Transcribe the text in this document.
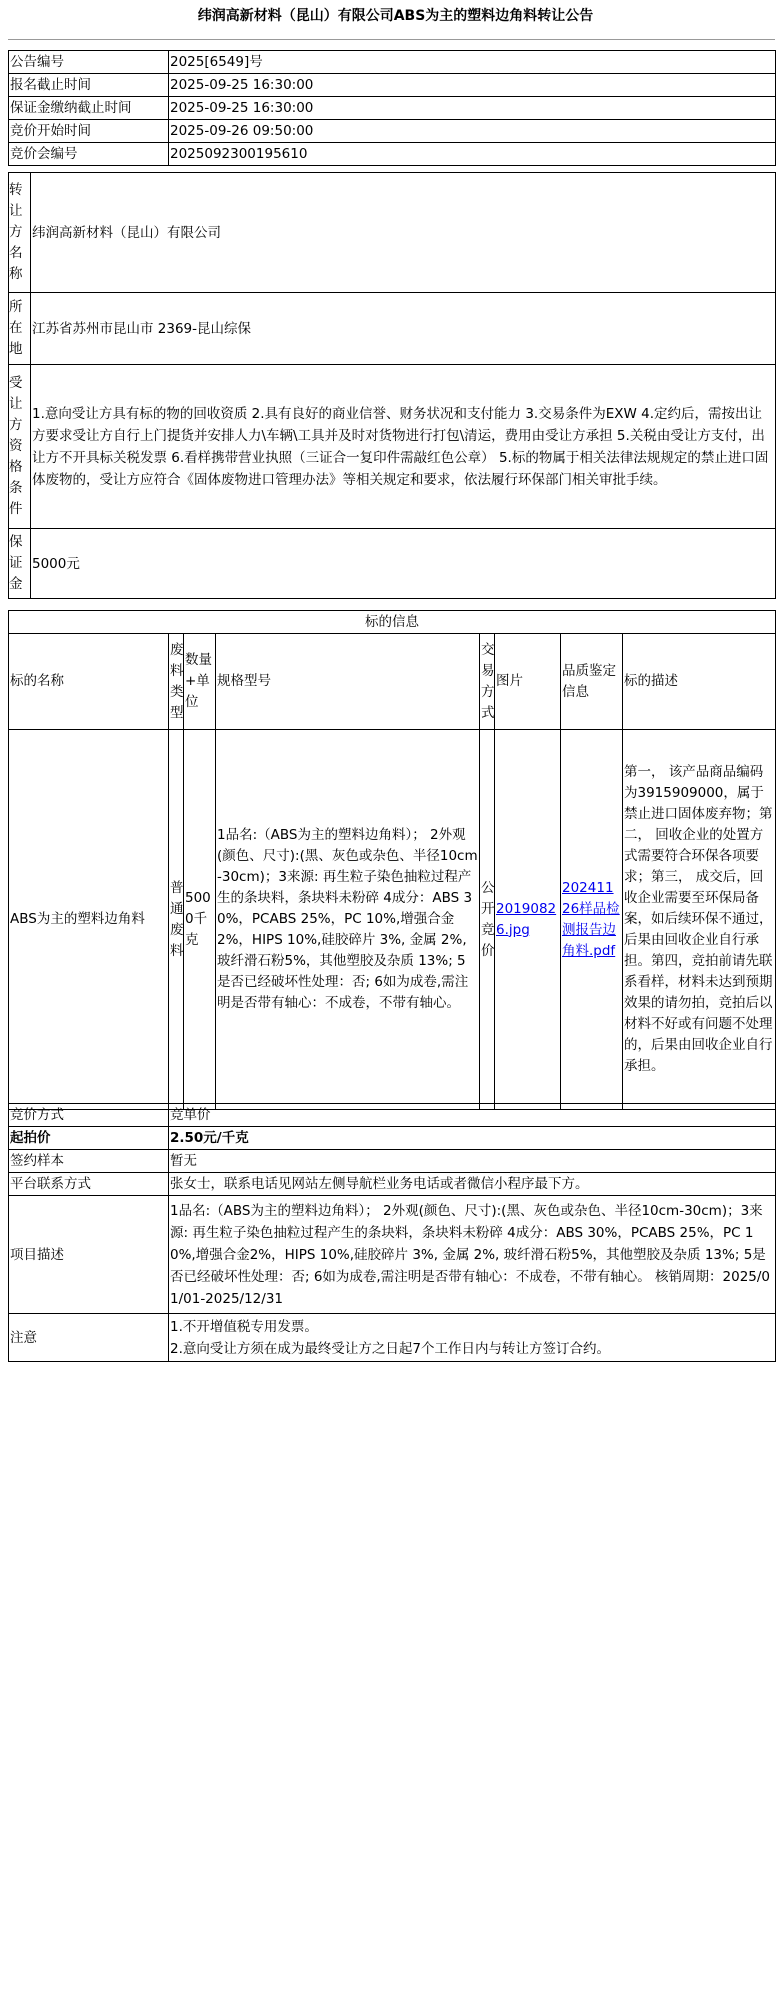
纬润高新材料（昆山）有限公司ABS为主的塑料边角料转让公告
公告编号	2025[6549]号
报名截止时间	2025-09-25 16:30:00
保证金缴纳截止时间	2025-09-25 16:30:00
竞价开始时间	2025-09-26 09:50:00
竞价会编号	2025092300195610
转让方名称	纬润高新材料（昆山）有限公司
所在地	江苏省苏州市昆山市 2369-昆山综保
受让方资格条件	1.意向受让方具有标的物的回收资质 2.具有良好的商业信誉、财务状况和支付能力 3.交易条件为EXW 4.定约后，需按出让方要求受让方自行上门提货并安排人力\车辆\工具并及时对货物进行打包\清运，费用由受让方承担 5.关税由受让方支付，出让方不开具标关税发票 6.看样携带营业执照（三证合一复印件需敲红色公章） 5.标的物属于相关法律法规规定的禁止进口固体废物的，受让方应符合《固体废物进口管理办法》等相关规定和要求，依法履行环保部门相关审批手续。
保证金	5000元
标的信息							
标的名称	废料类型	数量+单位	规格型号	交易方式	图片	品质鉴定信息	标的描述
ABS为主的塑料边角料	普通废料	5000千克	1品名:（ABS为主的塑料边角料）； 2外观(颜色、尺寸):(黑、灰色或杂色、半径10cm-30cm)；3来源: 再生粒子染色抽粒过程产生的条块料，条块料未粉碎 4成分：ABS 30%，PCABS 25%，PC 10%,增强合金2%，HIPS 10%,硅胶碎片 3%, 金属 2%, 玻纤滑石粉5%，其他塑胶及杂质 13%; 5是否已经破坏性处理：否; 6如为成卷,需注明是否带有轴心：不成卷，不带有轴心。	公开竞价	20190826.jpg	20241126样品检测报告边角料.pdf	第一， 该产品商品编码为3915909000，属于禁止进口固体废弃物；第二， 回收企业的处置方式需要符合环保各项要求；第三， 成交后，回收企业需要至环保局备案，如后续环保不通过，后果由回收企业自行承担。第四，竞拍前请先联系看样，材料未达到预期效果的请勿拍，竞拍后以材料不好或有问题不处理的，后果由回收企业自行承担。
竞价方式	竞单价
起拍价	2.50元/千克
签约样本	暂无
平台联系方式	张女士，联系电话见网站左侧导航栏业务电话或者微信小程序最下方。
项目描述	1品名:（ABS为主的塑料边角料）； 2外观(颜色、尺寸):(黑、灰色或杂色、半径10cm-30cm)；3来源: 再生粒子染色抽粒过程产生的条块料，条块料未粉碎 4成分：ABS 30%，PCABS 25%，PC 10%,增强合金2%，HIPS 10%,硅胶碎片 3%, 金属 2%, 玻纤滑石粉5%，其他塑胶及杂质 13%; 5是否已经破坏性处理：否; 6如为成卷,需注明是否带有轴心：不成卷，不带有轴心。 核销周期：2025/01/01-2025/12/31
注意	1.不开增值税专用发票。
2.意向受让方须在成为最终受让方之日起7个工作日内与转让方签订合约。
